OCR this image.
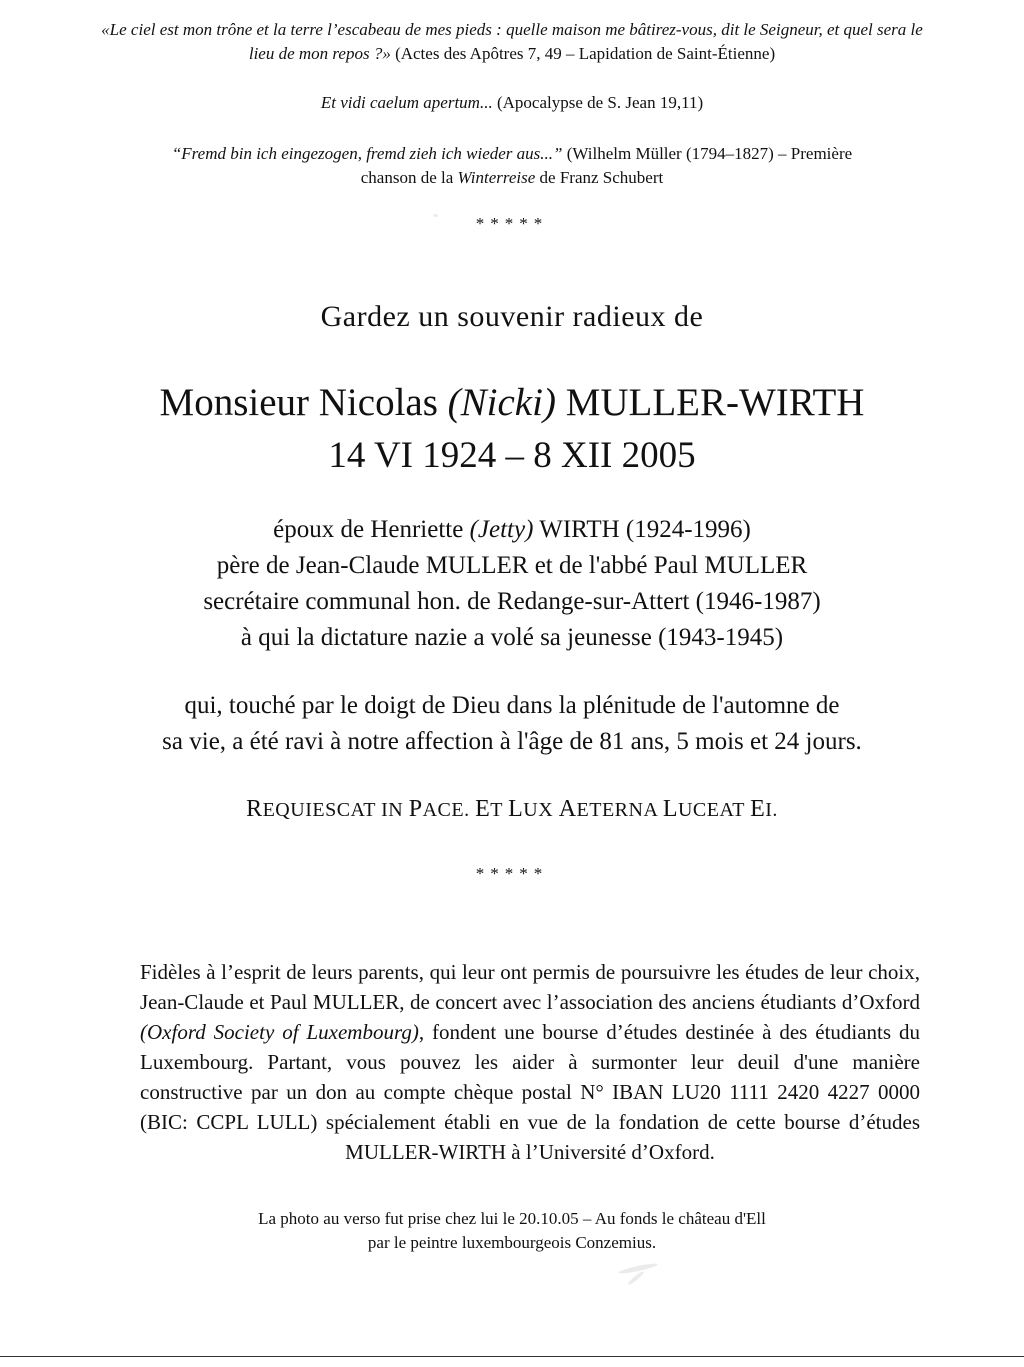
«Le ciel est mon trône et la terre l’escabeau de mes pieds : quelle maison me bâtirez-vous, dit le Seigneur, et quel sera le lieu de mon repos ?» (Actes des Apôtres 7, 49 – Lapidation de Saint-Étienne)
Et vidi caelum apertum... (Apocalypse de S. Jean 19,11)
“Fremd bin ich eingezogen, fremd zieh ich wieder aus...” (Wilhelm Müller (1794–1827) – Première chanson de la Winterreise de Franz Schubert
*****
Gardez un souvenir radieux de
Monsieur Nicolas (Nicki) MULLER-WIRTH
14 VI 1924 – 8 XII 2005
époux de Henriette (Jetty) WIRTH (1924-1996)
père de Jean-Claude MULLER et de l'abbé Paul MULLER
secrétaire communal hon. de Redange-sur-Attert (1946-1987)
à qui la dictature nazie a volé sa jeunesse (1943-1945)
qui, touché par le doigt de Dieu dans la plénitude de l'automne de
sa vie, a été ravi à notre affection à l'âge de 81 ans, 5 mois et 24 jours.
REQUIESCAT IN PACE. ET LUX AETERNA LUCEAT EI.
*****
Fidèles à l’esprit de leurs parents, qui leur ont permis de poursuivre les études de leur choix, Jean-Claude et Paul MULLER, de concert avec l’association des anciens étudiants d’Oxford (Oxford Society of Luxembourg), fondent une bourse d’études destinée à des étudiants du Luxembourg. Partant, vous pouvez les aider à surmonter leur deuil d'une manière constructive par un don au compte chèque postal N° IBAN LU20 1111 2420 4227 0000 (BIC: CCPL LULL) spécialement établi en vue de la fondation de cette bourse d’études MULLER-WIRTH à l’Université d’Oxford.
La photo au verso fut prise chez lui le 20.10.05 – Au fonds le château d'Ell
par le peintre luxembourgeois Conzemius.
